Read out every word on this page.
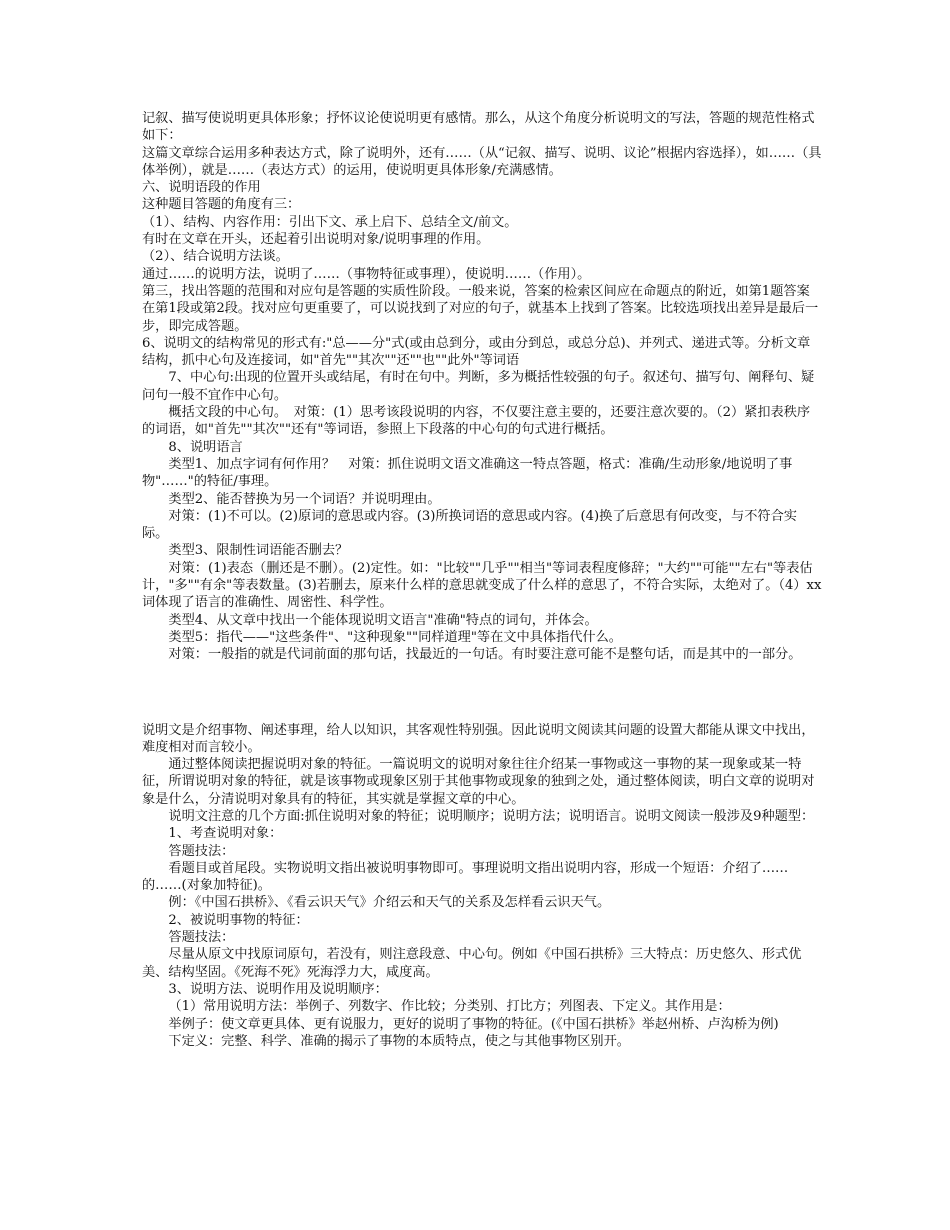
记叙、描写使说明更具体形象；抒怀议论使说明更有感情。那么，从这个角度分析说明文的写法，答题的规范性格式如下：

这篇文章综合运用多种表达方式，除了说明外，还有……（从“记叙、描写、说明、议论”根据内容选择），如……（具体举例），就是……（表达方式）的运用，使说明更具体形象/充满感情。

六、说明语段的作用

这种题目答题的角度有三：

（1）、结构、内容作用：引出下文、承上启下、总结全文/前文。

有时在文章在开头，还起着引出说明对象/说明事理的作用。

（2）、结合说明方法谈。

通过……的说明方法，说明了……（事物特征或事理），使说明……（作用）。

第三，找出答题的范围和对应句是答题的实质性阶段。一般来说，答案的检索区间应在命题点的附近，如第1题答案在第1段或第2段。找对应句更重要了，可以说找到了对应的句子，就基本上找到了答案。比较选项找出差异是最后一步，即完成答题。

6、说明文的结构常见的形式有:"总——分"式(或由总到分，或由分到总，或总分总)、并列式、递进式等。分析文章结构，抓中心句及连接词，如"首先""其次""还""也""此外"等词语

7、中心句:出现的位置开头或结尾，有时在句中。判断，多为概括性较强的句子。叙述句、描写句、阐释句、疑问句一般不宜作中心句。

概括文段的中心句。　对策：(1）思考该段说明的内容，不仅要注意主要的，还要注意次要的。（2）紧扣表秩序的词语，如"首先""其次""还有"等词语，参照上下段落的中心句的句式进行概括。

8、说明语言

类型1、加点字词有何作用？　对策：抓住说明文语文准确这一特点答题，格式：准确/生动形象/地说明了事物"……"的特征/事理。

类型2、能否替换为另一个词语？并说明理由。

对策：(1)不可以。(2)原词的意思或内容。(3)所换词语的意思或内容。(4)换了后意思有何改变，与不符合实际。

类型3、限制性词语能否删去？

对策：(1)表态（删还是不删）。(2)定性。如："比较""几乎""相当"等词表程度修辞；"大约""可能""左右"等表估计，"多""有余"等表数量。(3)若删去，原来什么样的意思就变成了什么样的意思了，不符合实际，太绝对了。（4）xx词体现了语言的准确性、周密性、科学性。

类型4、从文章中找出一个能体现说明文语言"准确"特点的词句，并体会。

类型5：指代——"这些条件"、"这种现象""同样道理"等在文中具体指代什么。

对策：一般指的就是代词前面的那句话，找最近的一句话。有时要注意可能不是整句话，而是其中的一部分。

说明文是介绍事物、阐述事理，给人以知识，其客观性特别强。因此说明文阅读其问题的设置大都能从课文中找出，难度相对而言较小。

通过整体阅读把握说明对象的特征。一篇说明文的说明对象往往介绍某一事物或这一事物的某一现象或某一特征，所谓说明对象的特征，就是该事物或现象区别于其他事物或现象的独到之处，通过整体阅读，明白文章的说明对象是什么，分清说明对象具有的特征，其实就是掌握文章的中心。

说明文注意的几个方面:抓住说明对象的特征；说明顺序；说明方法；说明语言。说明文阅读一般涉及9种题型：

1、考查说明对象：

答题技法：

看题目或首尾段。实物说明文指出被说明事物即可。事理说明文指出说明内容，形成一个短语：介绍了……的……(对象加特征)。

例：《中国石拱桥》、《看云识天气》介绍云和天气的关系及怎样看云识天气。

2、被说明事物的特征：

答题技法：

尽量从原文中找原词原句，若没有，则注意段意、中心句。例如《中国石拱桥》三大特点：历史悠久、形式优美、结构坚固。《死海不死》死海浮力大，咸度高。

3、说明方法、说明作用及说明顺序：

（1）常用说明方法：举例子、列数字、作比较；分类别、打比方；列图表、下定义。其作用是：

举例子：使文章更具体、更有说服力，更好的说明了事物的特征。(《中国石拱桥》举赵州桥、卢沟桥为例)

下定义：完整、科学、准确的揭示了事物的本质特点，使之与其他事物区别开。
